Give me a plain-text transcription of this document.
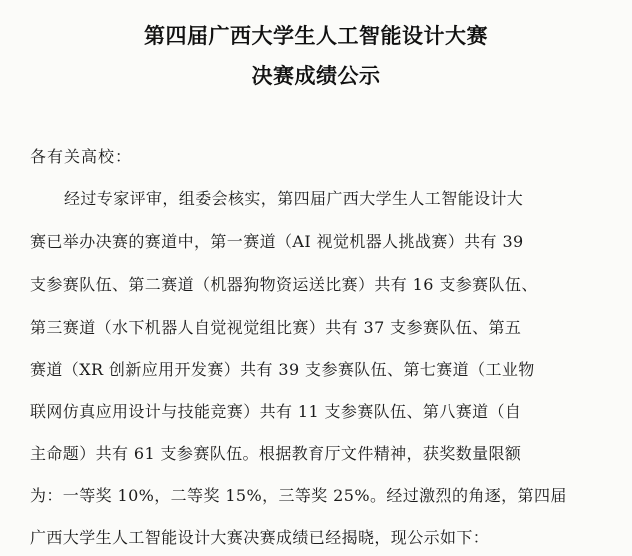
第四届广西大学生人工智能设计大赛
决赛成绩公示
各有关高校：
经过专家评审，组委会核实，第四届广西大学生人工智能设计大
赛已举办决赛的赛道中，第一赛道（AI 视觉机器人挑战赛）共有 39
支参赛队伍、第二赛道（机器狗物资运送比赛）共有 16 支参赛队伍、
第三赛道（水下机器人自觉视觉组比赛）共有 37 支参赛队伍、第五
赛道（XR 创新应用开发赛）共有 39 支参赛队伍、第七赛道（工业物
联网仿真应用设计与技能竞赛）共有 11 支参赛队伍、第八赛道（自
主命题）共有 61 支参赛队伍。根据教育厅文件精神，获奖数量限额
为：一等奖 10%，二等奖 15%，三等奖 25%。经过激烈的角逐，第四届
广西大学生人工智能设计大赛决赛成绩已经揭晓，现公示如下：
